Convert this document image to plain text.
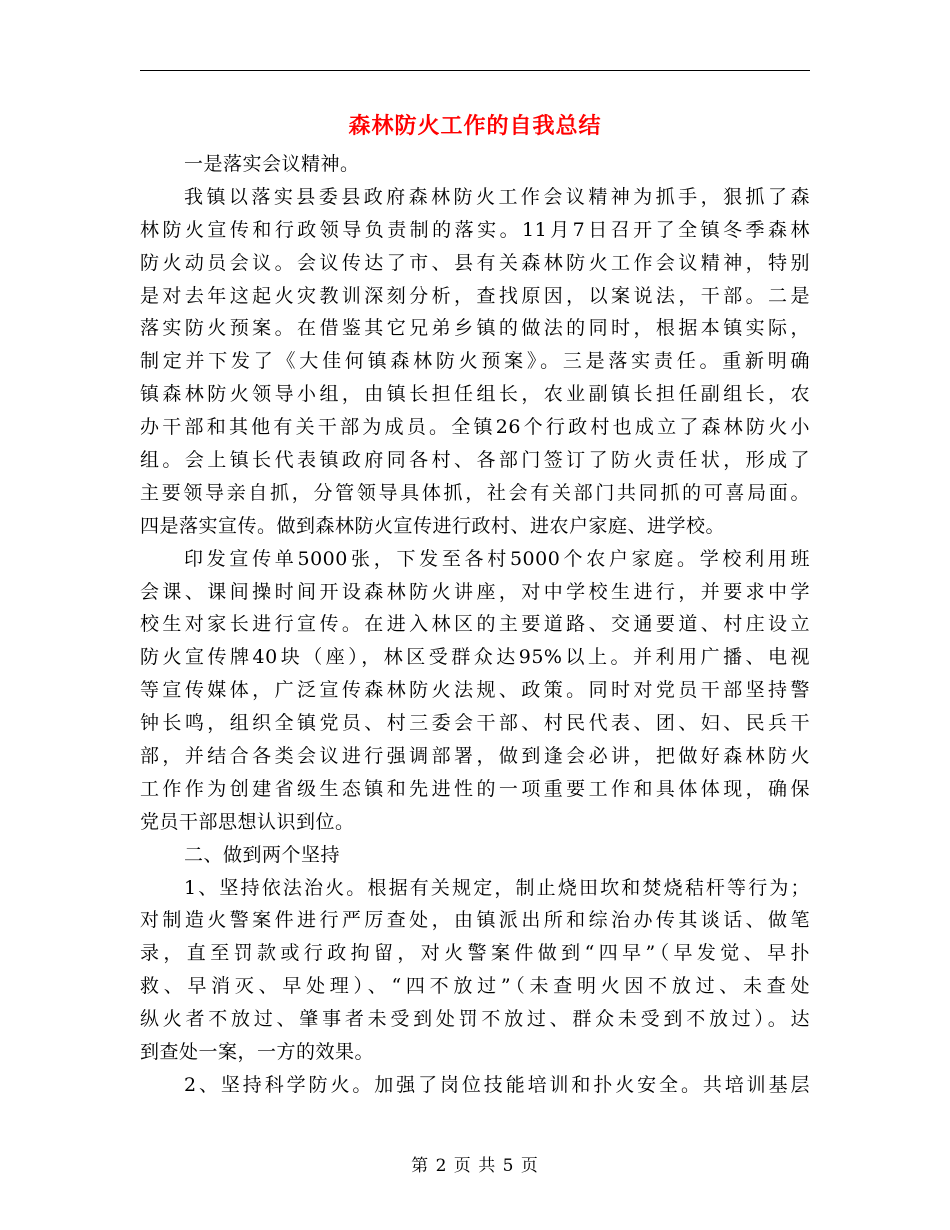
森林防火工作的自我总结
一是落实会议精神。
我镇以落实县委县政府森林防火工作会议精神为抓手，狠抓了森
林防火宣传和行政领导负责制的落实。11月7日召开了全镇冬季森林
防火动员会议。会议传达了市、县有关森林防火工作会议精神，特别
是对去年这起火灾教训深刻分析，查找原因，以案说法，干部。二是
落实防火预案。在借鉴其它兄弟乡镇的做法的同时，根据本镇实际，
制定并下发了《大佳何镇森林防火预案》。三是落实责任。重新明确
镇森林防火领导小组，由镇长担任组长，农业副镇长担任副组长，农
办干部和其他有关干部为成员。全镇26个行政村也成立了森林防火小
组。会上镇长代表镇政府同各村、各部门签订了防火责任状，形成了
主要领导亲自抓，分管领导具体抓，社会有关部门共同抓的可喜局面。
四是落实宣传。做到森林防火宣传进行政村、进农户家庭、进学校。
印发宣传单5000张，下发至各村5000个农户家庭。学校利用班
会课、课间操时间开设森林防火讲座，对中学校生进行，并要求中学
校生对家长进行宣传。在进入林区的主要道路、交通要道、村庄设立
防火宣传牌40块（座），林区受群众达95%以上。并利用广播、电视
等宣传媒体，广泛宣传森林防火法规、政策。同时对党员干部坚持警
钟长鸣，组织全镇党员、村三委会干部、村民代表、团、妇、民兵干
部，并结合各类会议进行强调部署，做到逢会必讲，把做好森林防火
工作作为创建省级生态镇和先进性的一项重要工作和具体体现，确保
党员干部思想认识到位。
二、做到两个坚持
1、坚持依法治火。根据有关规定，制止烧田坎和焚烧秸杆等行为；
对制造火警案件进行严厉查处，由镇派出所和综治办传其谈话、做笔
录，直至罚款或行政拘留，对火警案件做到“四早”（早发觉、早扑
救、早消灭、早处理）、“四不放过”（未查明火因不放过、未查处
纵火者不放过、肇事者未受到处罚不放过、群众未受到不放过）。达
到查处一案，一方的效果。
2、坚持科学防火。加强了岗位技能培训和扑火安全。共培训基层
第 2 页 共 5 页
